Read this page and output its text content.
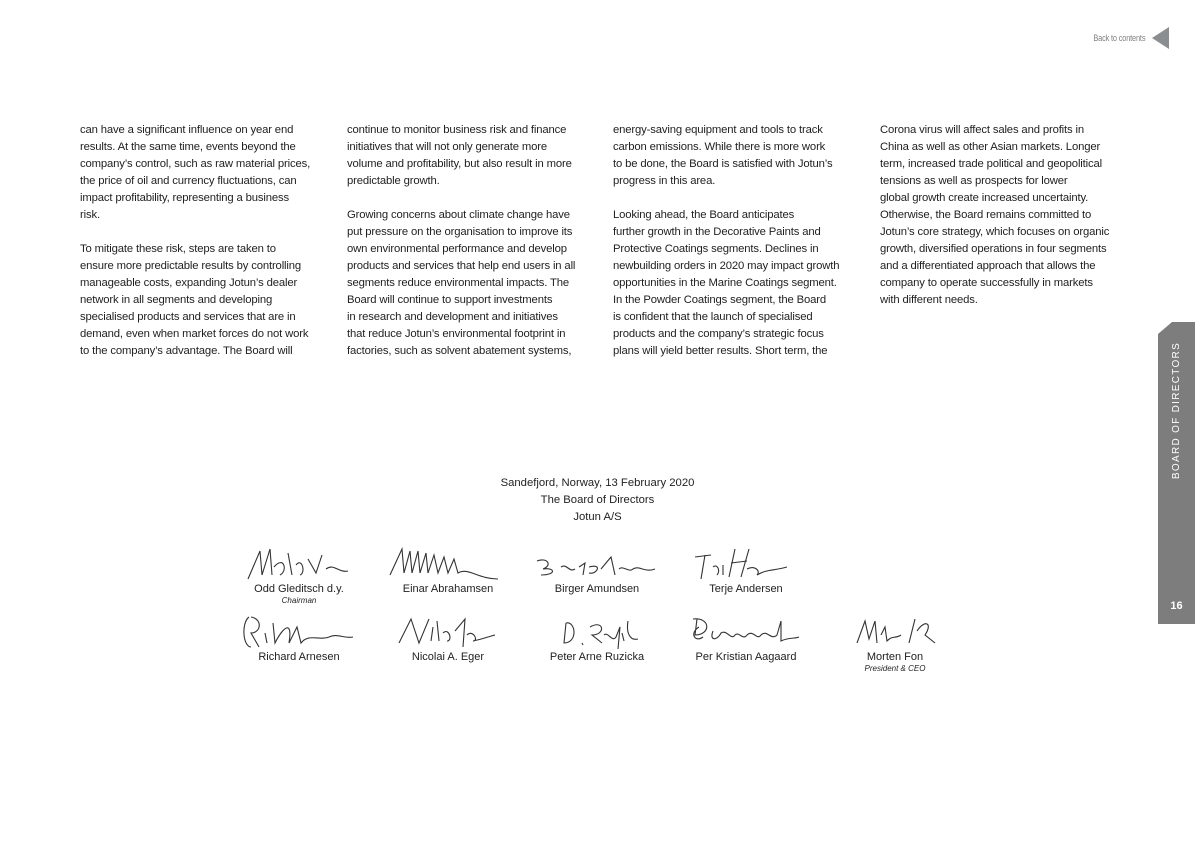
Back to contents

can have a significant influence on year end
results. At the same time, events beyond the
company’s control, such as raw material prices,
the price of oil and currency fluctuations, can
impact profitability, representing a business
risk.

To mitigate these risk, steps are taken to
ensure more predictable results by controlling
manageable costs, expanding Jotun’s dealer
network in all segments and developing
specialised products and services that are in
demand, even when market forces do not work
to the company’s advantage. The Board will

continue to monitor business risk and finance
initiatives that will not only generate more
volume and profitability, but also result in more
predictable growth.

Growing concerns about climate change have
put pressure on the organisation to improve its
own environmental performance and develop
products and services that help end users in all
segments reduce environmental impacts. The
Board will continue to support investments
in research and development and initiatives
that reduce Jotun’s environmental footprint in
factories, such as solvent abatement systems,

energy-saving equipment and tools to track
carbon emissions. While there is more work
to be done, the Board is satisfied with Jotun’s
progress in this area.

Looking ahead, the Board anticipates
further growth in the Decorative Paints and
Protective Coatings segments. Declines in
newbuilding orders in 2020 may impact growth
opportunities in the Marine Coatings segment.
In the Powder Coatings segment, the Board
is confident that the launch of specialised
products and the company’s strategic focus
plans will yield better results. Short term, the

Corona virus will affect sales and profits in
China as well as other Asian markets. Longer
term, increased trade political and geopolitical
tensions as well as prospects for lower
global growth create increased uncertainty.
Otherwise, the Board remains committed to
Jotun’s core strategy, which focuses on organic
growth, diversified operations in four segments
and a differentiated approach that allows the
company to operate successfully in markets
with different needs.

Sandefjord, Norway, 13 February 2020
The Board of Directors
Jotun A/S
Odd Gleditsch d.y.
Chairman
Einar Abrahamsen	Birger Amundsen	Terje Andersen
Richard Arnesen	Nicolai A. Eger	Peter Arne Ruzicka	Per Kristian Aagaard	Morten Fon
President & CEO
BOARD OF DIRECTORS
16
